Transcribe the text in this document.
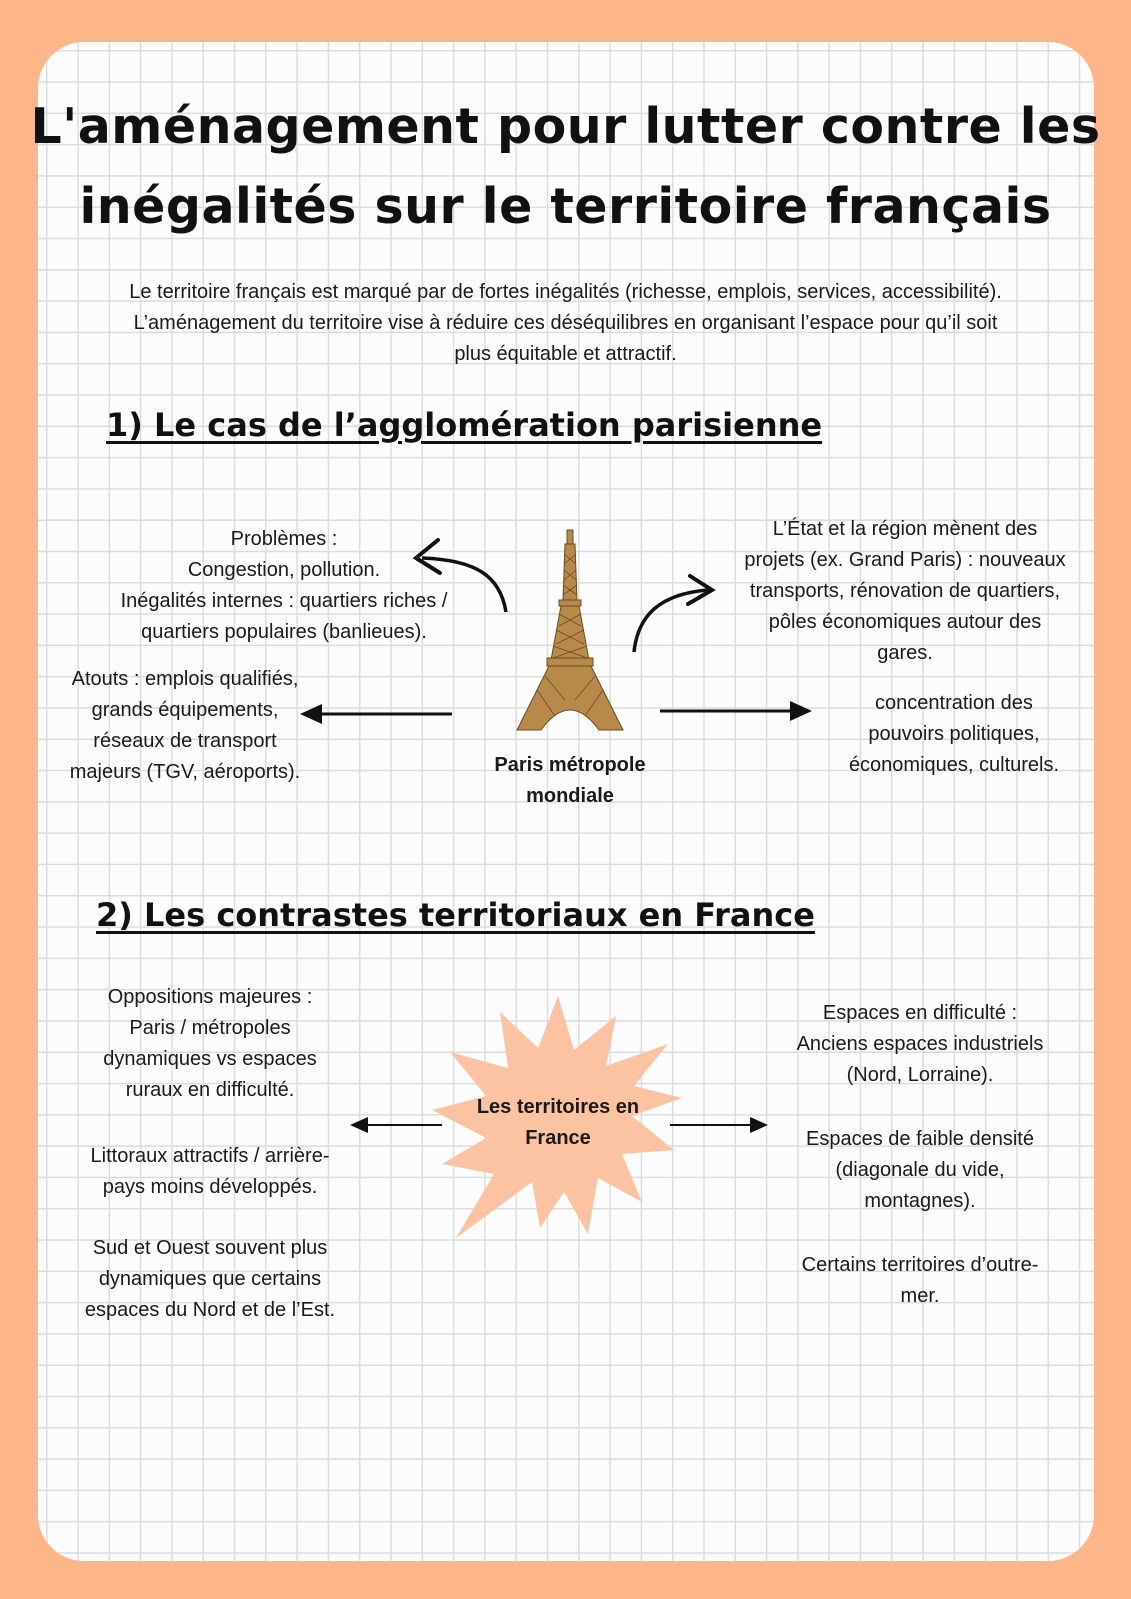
L'aménagement pour lutter contre les

inégalités sur le territoire français

Le territoire français est marqué par de fortes inégalités (richesse, emplois, services, accessibilité).

L’aménagement du territoire vise à réduire ces déséquilibres en organisant l’espace pour qu’il soit

plus équitable et attractif.

1) Le cas de l’agglomération parisienne

Problèmes :
Congestion, pollution.
Inégalités internes : quartiers riches /
quartiers populaires (banlieues).
Atouts : emplois qualifiés,
grands équipements,
réseaux de transport
majeurs (TGV, aéroports).
L’État et la région mènent des
projets (ex. Grand Paris) : nouveaux
transports, rénovation de quartiers,
pôles économiques autour des
gares.
concentration des
pouvoirs politiques,
économiques, culturels.
Paris métropole
mondiale

2) Les contrastes territoriaux en France

Les territoires en
France
Oppositions majeures :
Paris / métropoles
dynamiques vs espaces
ruraux en difficulté.
Littoraux attractifs / arrière-
pays moins développés.
Sud et Ouest souvent plus
dynamiques que certains
espaces du Nord et de l’Est.
Espaces en difficulté :
Anciens espaces industriels
(Nord, Lorraine).
Espaces de faible densité
(diagonale du vide,
montagnes).
Certains territoires d’outre-
mer.
